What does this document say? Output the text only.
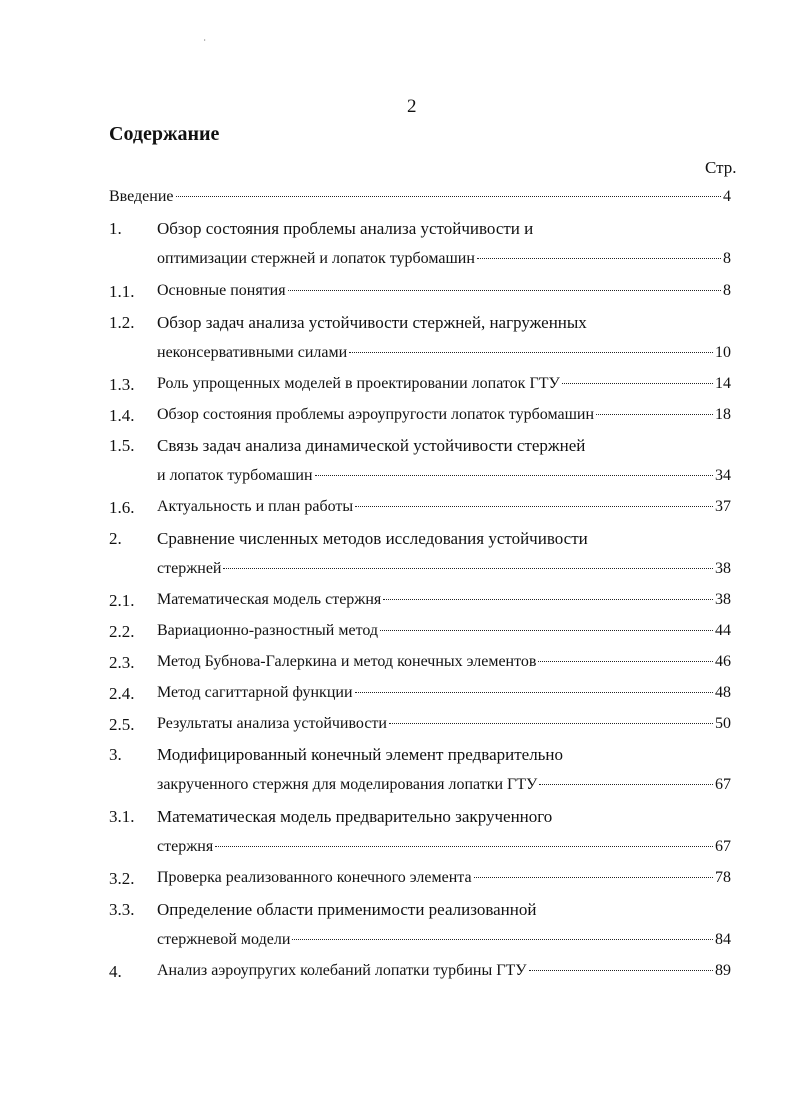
2
Содержание
Стр.
ᐧ
Введение	4
1. Обзор состояния проблемы анализа устойчивости и
оптимизации стержней и лопаток турбомашин	8
1.1. Основные понятия	8
1.2. Обзор задач анализа устойчивости стержней, нагруженных
неконсервативными силами	10
1.3. Роль упрощенных моделей в проектировании лопаток ГТУ	14
1.4. Обзор состояния проблемы аэроупругости лопаток турбомашин	18
1.5. Связь задач анализа динамической устойчивости стержней
и лопаток турбомашин	34
1.6. Актуальность и план работы	37
2. Сравнение численных методов исследования устойчивости
стержней	38
2.1. Математическая модель стержня	38
2.2. Вариационно-разностный метод	44
2.3. Метод Бубнова-Галеркина и метод конечных элементов	46
2.4. Метод сагиттарной функции	48
2.5. Результаты анализа устойчивости	50
3. Модифицированный конечный элемент предварительно
закрученного стержня для моделирования лопатки ГТУ	67
3.1. Математическая модель предварительно закрученного
стержня	67
3.2. Проверка реализованного конечного элемента	78
3.3. Определение области применимости реализованной
стержневой модели	84
4. Анализ аэроупругих колебаний лопатки турбины ГТУ	89
